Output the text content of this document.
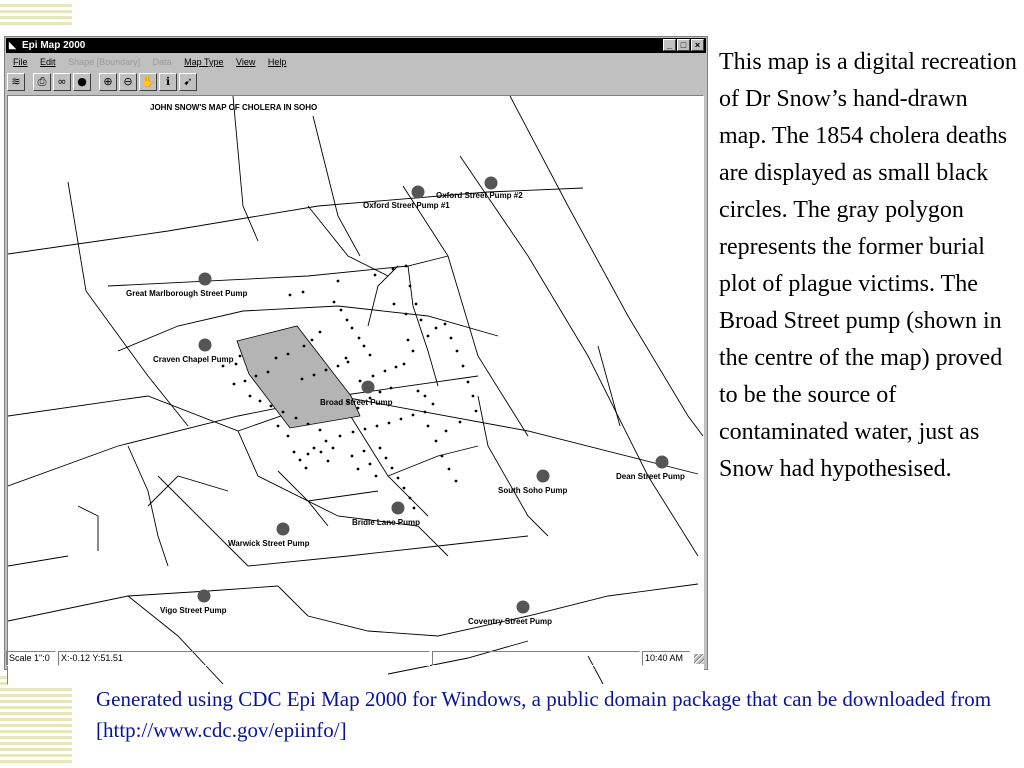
◣ Epi Map 2000	_ □ ×
File Edit Shape [Boundary] Data Map Type View Help
≋	⎙	∞ ●	⊕ ⊖ ✋	ℹ	➹
JOHN SNOW'S MAP OF CHOLERA IN SOHO
Oxford Street Pump #2
Oxford Street Pump #1
Great Marlborough Street Pump
Craven Chapel Pump
Broad Street Pump
South Soho Pump
Dean Street Pump
Bridle Lane Pump
Warwick Street Pump
Vigo Street Pump
Coventry Street Pump
Scale 1":0	X:-0.12 Y:51.51	10:40 AM
This map is a digital recreation of Dr Snow’s hand-drawn map. The 1854 cholera deaths are displayed as small black circles. The gray polygon represents the former burial plot of plague victims. The Broad Street pump (shown in the centre of the map) proved to be the source of contaminated water, just as Snow had hypothesised.
Generated using CDC Epi Map 2000 for Windows, a public domain package that can be downloaded from [http://www.cdc.gov/epiinfo/]
